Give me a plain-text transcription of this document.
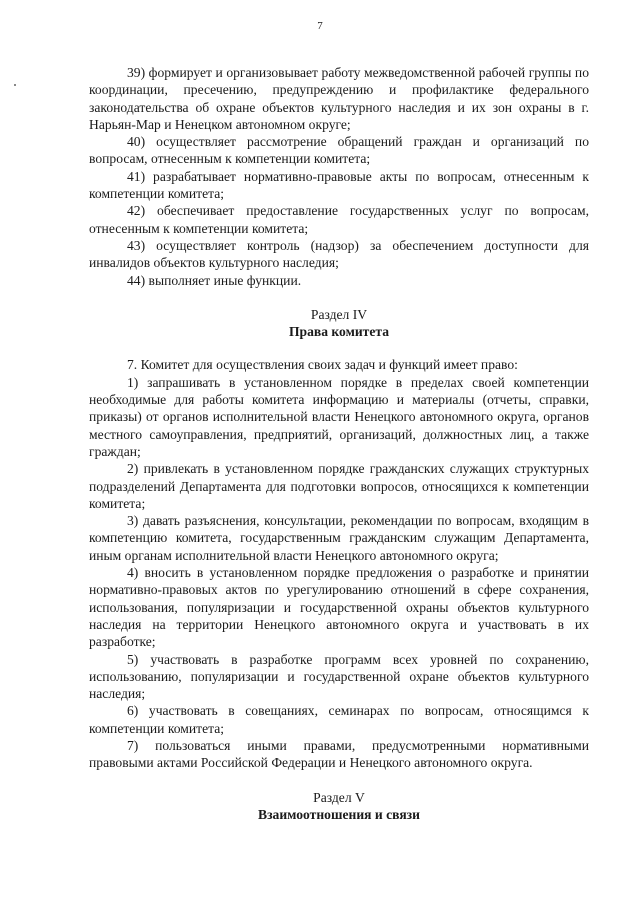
7

39) формирует и организовывает работу межведомственной рабочей группы по координации, пресечению, предупреждению и профилактике федерального законодательства об охране объектов культурного наследия и их зон охраны в г. Нарьян-Мар и Ненецком автономном округе;

40) осуществляет рассмотрение обращений граждан и организаций по вопросам, отнесенным к компетенции комитета;

41) разрабатывает нормативно-правовые акты по вопросам, отнесенным к компетенции комитета;

42) обеспечивает предоставление государственных услуг по вопросам, отнесенным к компетенции комитета;

43) осуществляет контроль (надзор) за обеспечением доступности для инвалидов объектов культурного наследия;

44) выполняет иные функции.

Раздел IV

Права комитета

7. Комитет для осуществления своих задач и функций имеет право:

1) запрашивать в установленном порядке в пределах своей компетенции необходимые для работы комитета информацию и материалы (отчеты, справки, приказы) от органов исполнительной власти Ненецкого автономного округа, органов местного самоуправления, предприятий, организаций, должностных лиц, а также граждан;

2) привлекать в установленном порядке гражданских служащих структурных подразделений Департамента для подготовки вопросов, относящихся к компетенции комитета;

3) давать разъяснения, консультации, рекомендации по вопросам, входящим в компетенцию комитета, государственным гражданским служащим Департамента, иным органам исполнительной власти Ненецкого автономного округа;

4) вносить в установленном порядке предложения о разработке и принятии нормативно-правовых актов по урегулированию отношений в сфере сохранения, использования, популяризации и государственной охраны объектов культурного наследия на территории Ненецкого автономного округа и участвовать в их разработке;

5) участвовать в разработке программ всех уровней по сохранению, использованию, популяризации и государственной охране объектов культурного наследия;

6) участвовать в совещаниях, семинарах по вопросам, относящимся к компетенции комитета;

7) пользоваться иными правами, предусмотренными нормативными правовыми актами Российской Федерации и Ненецкого автономного округа.

Раздел V

Взаимоотношения и связи
